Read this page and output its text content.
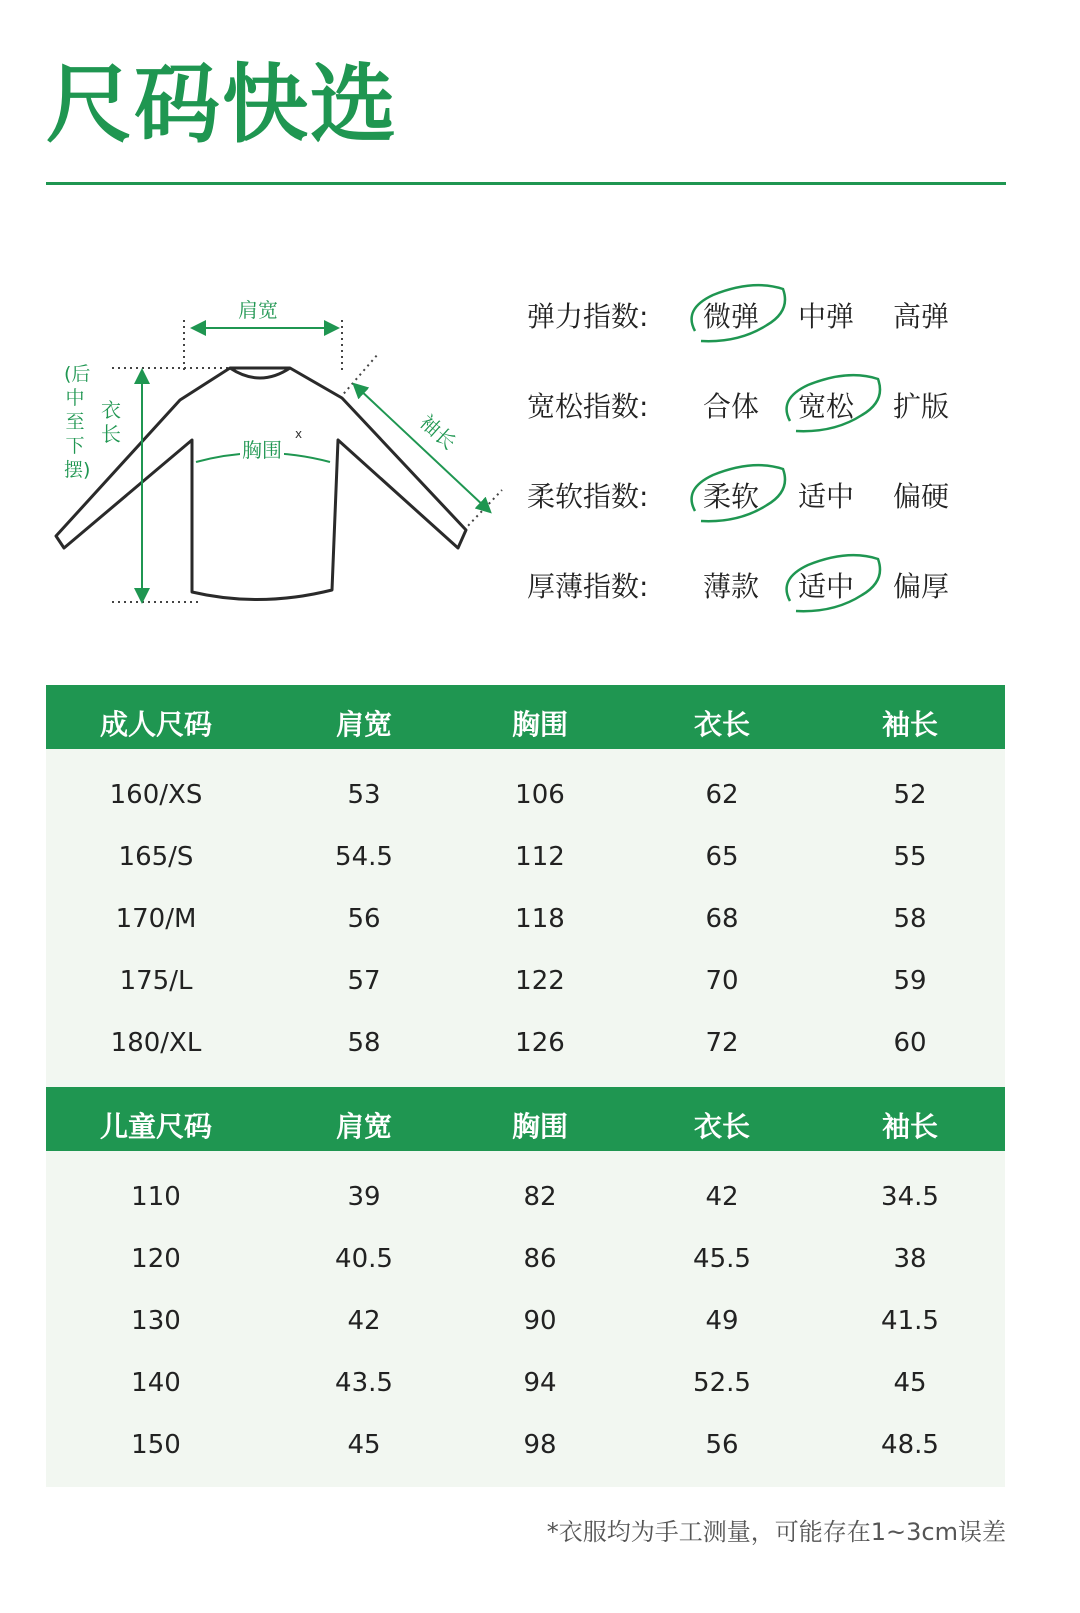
尺码快选
x
肩宽
胸围	袖长
衣长
(后中至下摆)
弹力指数: 微弹 中弹 高弹
宽松指数: 合体 宽松 扩版
柔软指数: 柔软 适中 偏硬
厚薄指数: 薄款 适中 偏厚
成人尺码	肩宽	胸围	衣长	袖长
160/XS	53	106	62	52
165/S	54.5	112	65	55
170/M	56	118	68	58
175/L	57	122	70	59
180/XL	58	126	72	60
儿童尺码	肩宽	胸围	衣长	袖长
110	39	82	42	34.5
120	40.5	86	45.5	38
130	42	90	49	41.5
140	43.5	94	52.5	45
150	45	98	56	48.5
*衣服均为手工测量，可能存在1~3cm误差
